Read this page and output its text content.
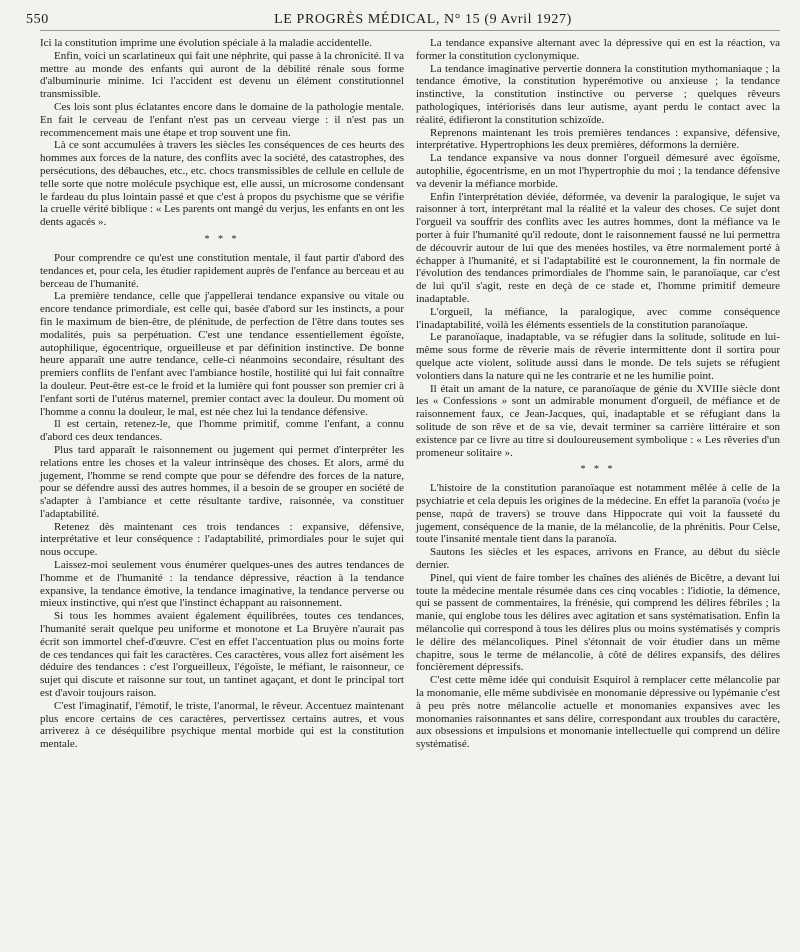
550	LE PROGRÈS MÉDICAL, N° 15 (9 Avril 1927)

Ici la constitution imprime une évolution spéciale à la maladie accidentelle.

Enfin, voici un scarlatineux qui fait une néphrite, qui passe à la chronicité. Il va mettre au monde des enfants qui auront de la débilité rénale sous forme d'albuminurie minime. Ici l'accident est devenu un élément constitutionnel transmissible.

Ces lois sont plus éclatantes encore dans le domaine de la pathologie mentale. En fait le cerveau de l'enfant n'est pas un cerveau vierge : il n'est pas un recommencement mais une étape et trop souvent une fin.

Là ce sont accumulées à travers les siècles les conséquences de ces heurts des hommes aux forces de la nature, des conflits avec la société, des catastrophes, des persécutions, des débauches, etc., etc. chocs transmissibles de cellule en cellule de telle sorte que notre molécule psychique est, elle aussi, un microsome condensant le fardeau du plus lointain passé et que c'est à propos du psychisme que se vérifie la cruelle vérité biblique : « Les parents ont mangé du verjus, les enfants en ont les dents agacés ».

* * *

Pour comprendre ce qu'est une constitution mentale, il faut partir d'abord des tendances et, pour cela, les étudier rapidement auprès de l'enfance au berceau et au berceau de l'humanité.

La première tendance, celle que j'appellerai tendance expansive ou vitale ou encore tendance primordiale, est celle qui, basée d'abord sur les instincts, a pour fin le maximum de bien-être, de plénitude, de perfection de l'être dans toutes ses modalités, puis sa perpétuation. C'est une tendance essentiellement égoïste, autophilique, égocentrique, orgueilleuse et par définition instinctive. De bonne heure apparaît une autre tendance, celle-ci néanmoins secondaire, résultant des premiers conflits de l'enfant avec l'ambiance hostile, hostilité qui lui fait connaître la douleur. Peut-être est-ce le froid et la lumière qui font pousser son premier cri à l'enfant sorti de l'utérus maternel, premier contact avec la douleur. Du moment où l'homme a connu la douleur, le mal, est née chez lui la tendance défensive.

Il est certain, retenez-le, que l'homme primitif, comme l'enfant, a connu d'abord ces deux tendances.

Plus tard apparaît le raisonnement ou jugement qui permet d'interpréter les relations entre les choses et la valeur intrinsèque des choses. Et alors, armé du jugement, l'homme se rend compte que pour se défendre des forces de la nature, pour se défendre aussi des autres hommes, il a besoin de se grouper en société de s'adapter à l'ambiance et cette résultante tardive, raisonnée, va constituer l'adaptabilité.

Retenez dès maintenant ces trois tendances : expansive, défensive, interprétative et leur conséquence : l'adaptabilité, primordiales pour le sujet qui nous occupe.

Laissez-moi seulement vous énumérer quelques-unes des autres tendances de l'homme et de l'humanité : la tendance dépressive, réaction à la tendance expansive, la tendance émotive, la tendance imaginative, la tendance perverse ou mieux instinctive, qui n'est que l'instinct échappant au raisonnement.

Si tous les hommes avaient également équilibrées, toutes ces tendances, l'humanité serait quelque peu uniforme et monotone et La Bruyère n'aurait pas écrit son immortel chef-d'œuvre. C'est en effet l'accentuation plus ou moins forte de ces tendances qui fait les caractères. Ces caractères, vous allez fort aisément les déduire des tendances : c'est l'orgueilleux, l'égoïste, le méfiant, le raisonneur, ce sujet qui discute et raisonne sur tout, un tantinet agaçant, et dont le principal tort est d'avoir toujours raison.

C'est l'imaginatif, l'émotif, le triste, l'anormal, le rêveur. Accentuez maintenant plus encore certains de ces caractères, pervertissez certains autres, et vous arriverez à ce déséquilibre psychique mental morbide qui est la constitution mentale.

La tendance expansive alternant avec la dépressive qui en est la réaction, va former la constitution cyclonymique.

La tendance imaginative pervertie donnera la constitution mythomaniaque ; la tendance émotive, la constitution hyperémotive ou anxieuse ; la tendance instinctive, la constitution instinctive ou perverse ; quelques rêveurs pathologiques, intériorisés dans leur autisme, ayant perdu le contact avec la réalité, édifieront la constitution schizoïde.

Reprenons maintenant les trois premières tendances : expansive, défensive, interprétative. Hypertrophions les deux premières, déformons la dernière.

La tendance expansive va nous donner l'orgueil démesuré avec égoïsme, autophilie, égocentrisme, en un mot l'hypertrophie du moi ; la tendance défensive va devenir la méfiance morbide.

Enfin l'interprétation déviée, déformée, va devenir la paralogique, le sujet va raisonner à tort, interprétant mal la réalité et la valeur des choses. Ce sujet dont l'orgueil va souffrir des conflits avec les autres hommes, dont la méfiance va le porter à fuir l'humanité qu'il redoute, dont le raisonnement faussé ne lui permettra de découvrir autour de lui que des menées hostiles, va être normalement porté à échapper à l'humanité, et si l'adaptabilité est le couronnement, la fin normale de l'évolution des tendances primordiales de l'homme sain, le paranoïaque, car c'est de lui qu'il s'agit, reste en deçà de ce stade et, l'homme primitif demeure inadaptable.

L'orgueil, la méfiance, la paralogique, avec comme conséquence l'inadaptabilité, voilà les éléments essentiels de la constitution paranoïaque.

Le paranoïaque, inadaptable, va se réfugier dans la solitude, solitude en lui-même sous forme de rêverie mais de rêverie intermittente dont il sortira pour quelque acte violent, solitude aussi dans le monde. De tels sujets se réfugient volontiers dans la nature qui ne les contrarie et ne les humilie point.

Il était un amant de la nature, ce paranoïaque de génie du XVIIIe siècle dont les « Confessions » sont un admirable monument d'orgueil, de méfiance et de raisonnement faux, ce Jean-Jacques, qui, inadaptable et se réfugiant dans la solitude de son rêve et de sa vie, devait terminer sa carrière littéraire et son existence par ce livre au titre si douloureusement symbolique : « Les rêveries d'un promeneur solitaire ».

* * *

L'histoire de la constitution paranoïaque est notamment mêlée à celle de la psychiatrie et cela depuis les origines de la médecine. En effet la paranoïa (νοέω je pense, παρά de travers) se trouve dans Hippocrate qui voit la fausseté du jugement, conséquence de la manie, de la mélancolie, de la phrénitis. Pour Celse, toute l'insanité mentale tient dans la paranoïa.

Sautons les siècles et les espaces, arrivons en France, au début du siècle dernier.

Pinel, qui vient de faire tomber les chaînes des aliénés de Bicêtre, a devant lui toute la médecine mentale résumée dans ces cinq vocables : l'idiotie, la démence, qui se passent de commentaires, la frénésie, qui comprend les délires fébriles ; la manie, qui englobe tous les délires avec agitation et sans systématisation. Enfin la mélancolie qui correspond à tous les délires plus ou moins systématisés y compris le délire des mélancoliques. Pinel s'étonnait de voir étudier dans un même chapitre, sous le terme de mélancolie, à côté de délires expansifs, des délires foncièrement dépressifs.

C'est cette même idée qui conduisit Esquirol à remplacer cette mélancolie par la monomanie, elle même subdivisée en monomanie dépressive ou lypémanie c'est à peu près notre mélancolie actuelle et monomanies expansives avec les monomanies raisonnantes et sans délire, correspondant aux troubles du caractère, aux obsessions et impulsions et monomanie intellectuelle qui comprend un délire systématisé.
